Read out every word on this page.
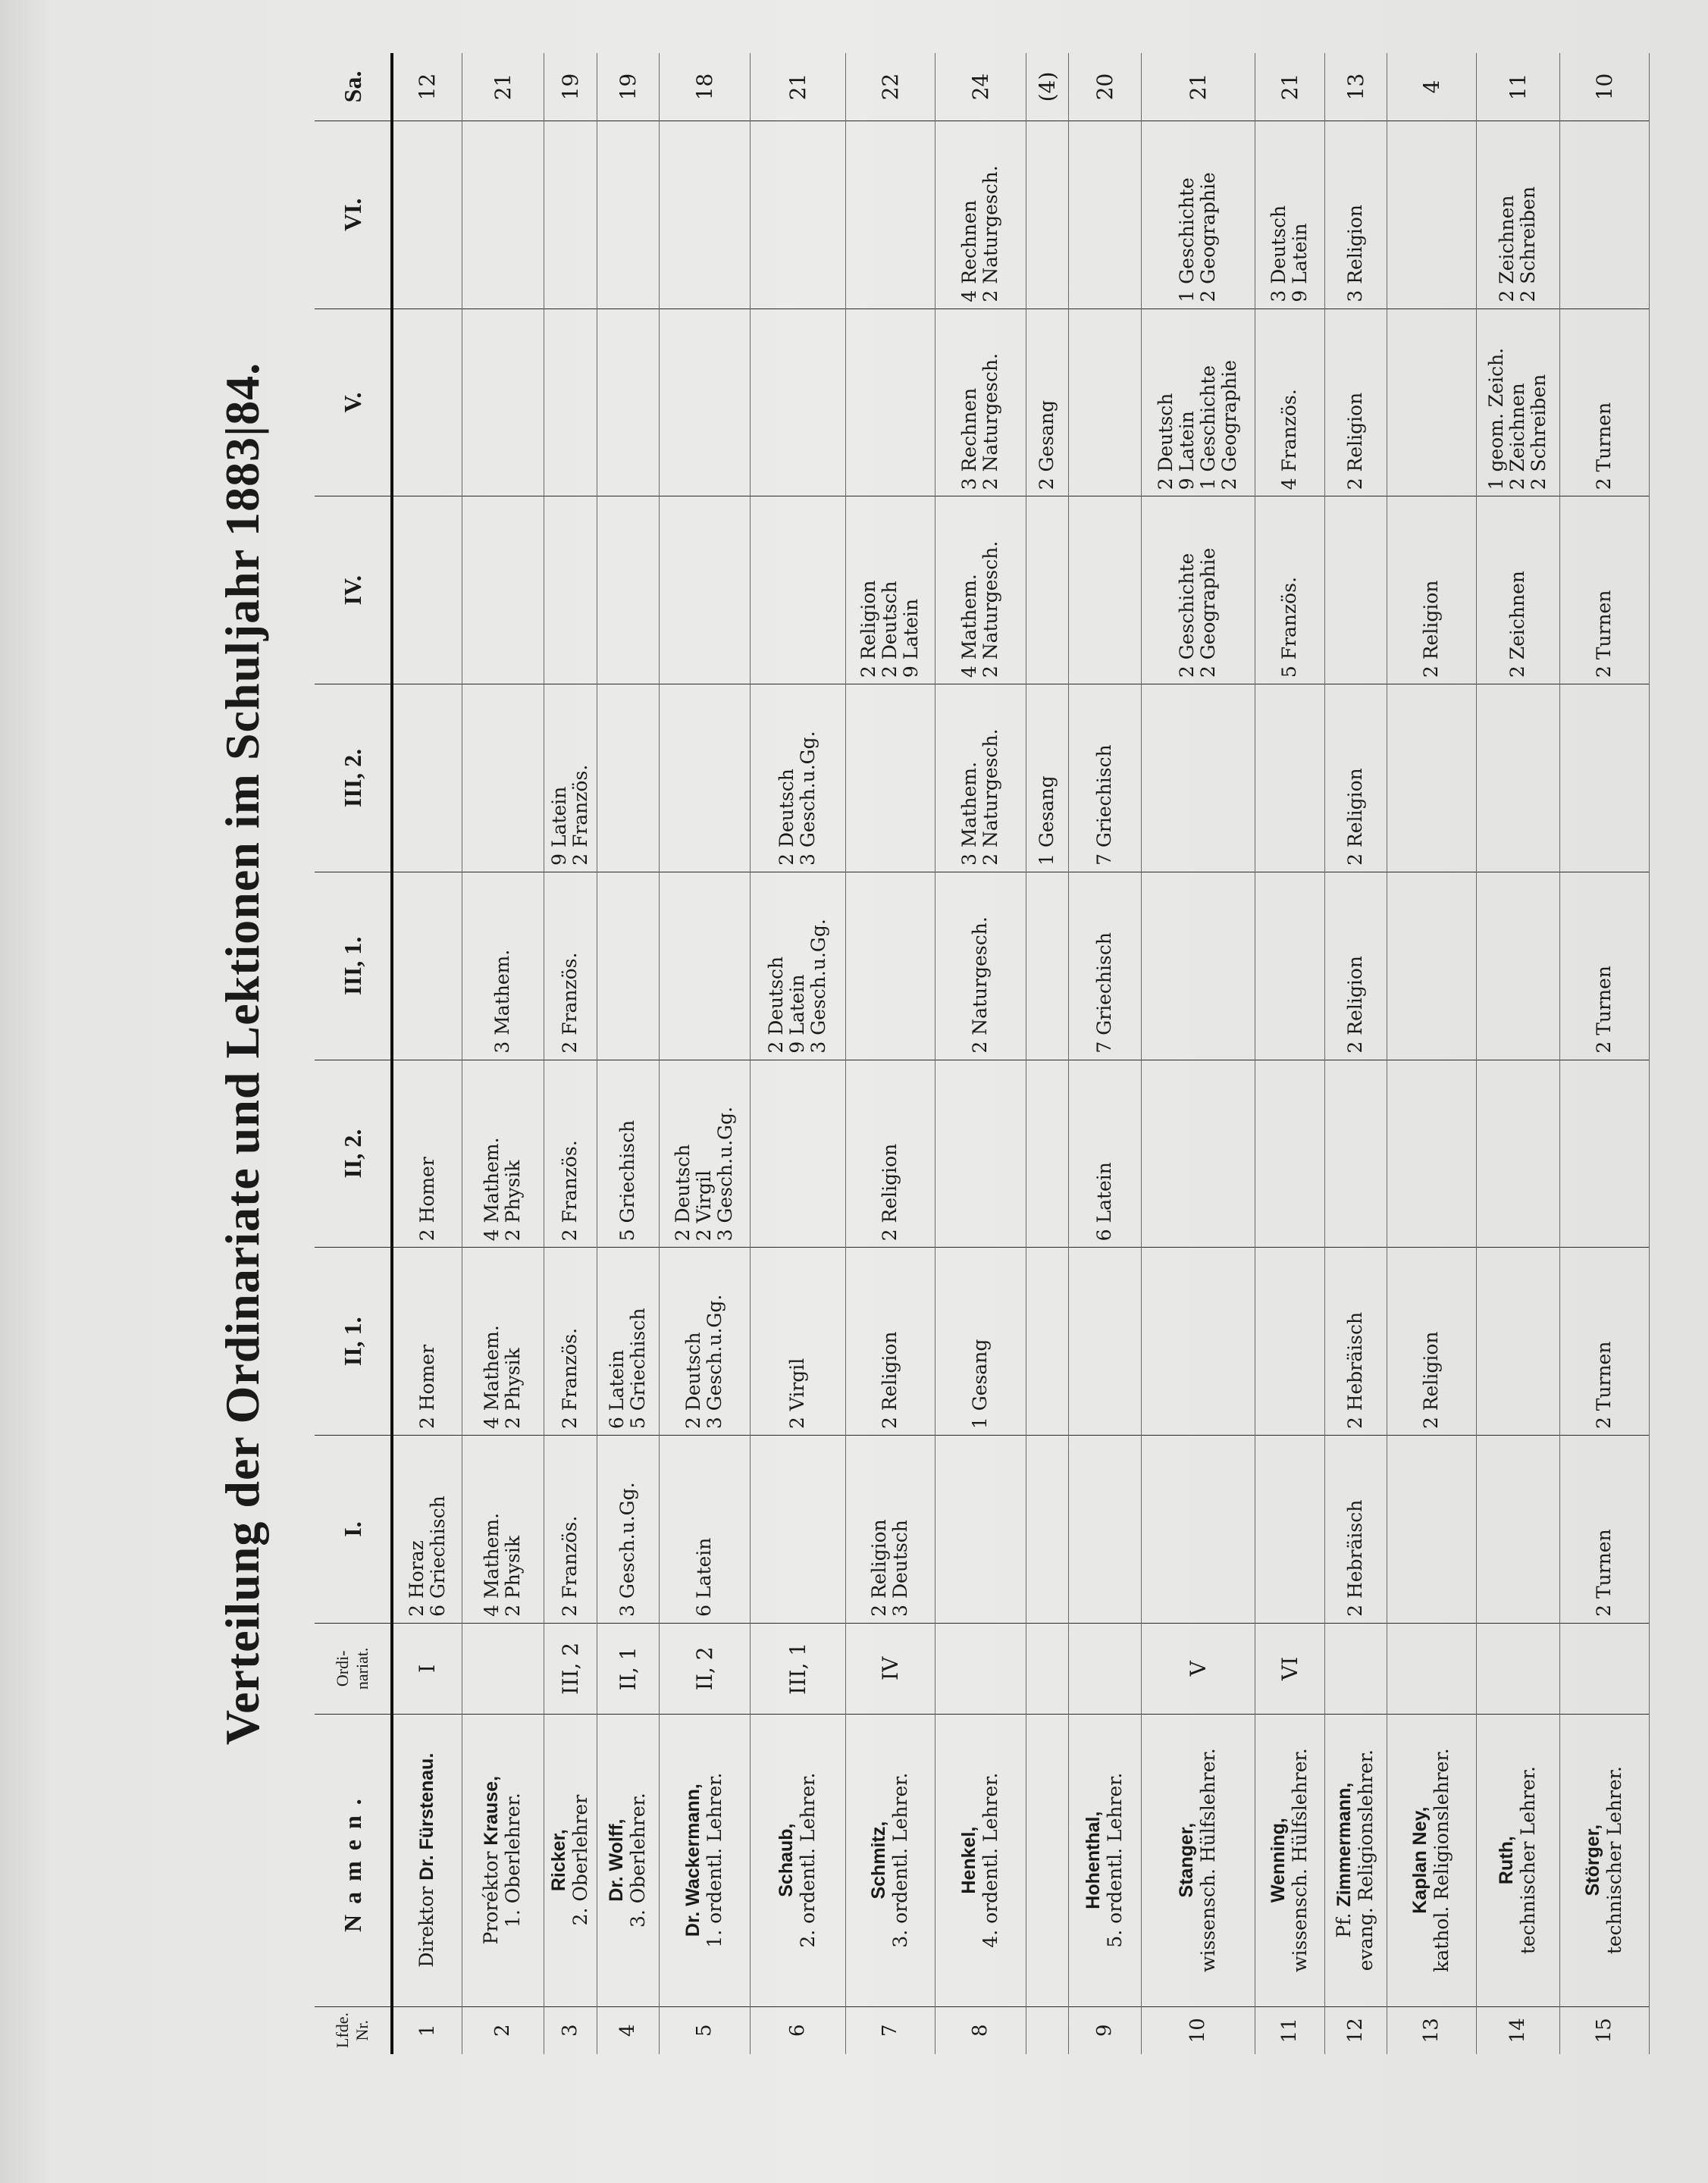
Verteilung der Ordinariate und Lektionen im Schuljahr 1883|84.
Lfde. Nr.	Namen.	Ordi-nariat.	I.	II, 1.	II, 2.	III, 1.	III, 2.	IV.	V.	VI.	Sa.
1	Direktor Dr. Fürstenau.	I	2 Horaz 6 Griechisch	2 Homer	2 Homer						12
2	Proréktor Krause, 1. Oberlehrer.		4 Mathem. 2 Physik	4 Mathem. 2 Physik	4 Mathem. 2 Physik	3 Mathem.					21
3	Ricker, 2. Oberlehrer	III, 2	2 Französ.	2 Französ.	2 Französ.	2 Französ.	9 Latein 2 Französ.				19
4	Dr. Wolff, 3. Oberlehrer.	II, 1	3 Gesch.u.Gg.	6 Latein 5 Griechisch	5 Griechisch						19
5	Dr. Wackermann, 1. ordentl. Lehrer.	II, 2	6 Latein	2 Deutsch 3 Gesch.u.Gg.	2 Deutsch 2 Virgil 3 Gesch.u.Gg.						18
6	Schaub, 2. ordentl. Lehrer.	III, 1		2 Virgil		2 Deutsch 9 Latein 3 Gesch.u.Gg.	2 Deutsch 3 Gesch.u.Gg.				21
7	Schmitz, 3. ordentl. Lehrer.	IV	2 Religion 3 Deutsch	2 Religion	2 Religion			2 Religion 2 Deutsch 9 Latein			22
8	Henkel, 4. ordentl. Lehrer.			1 Gesang		2 Naturgesch.	3 Mathem. 2 Naturgesch.	4 Mathem. 2 Naturgesch.	3 Rechnen 2 Naturgesch.	4 Rechnen 2 Naturgesch.	24

							1 Gesang		2 Gesang		(4)
9	Hohenthal, 5. ordentl. Lehrer.				6 Latein	7 Griechisch	7 Griechisch				20
10	Stanger, wissensch. Hülfslehrer.	V						2 Geschichte 2 Geographie	2 Deutsch 9 Latein 1 Geschichte 2 Geographie	1 Geschichte 2 Geographie	21
11	Wenning, wissensch. Hülfslehrer.	VI						5 Französ.	4 Französ.	3 Deutsch 9 Latein	21
12	Pf. Zimmermann, evang. Religionslehrer.		2 Hebräisch	2 Hebräisch		2 Religion	2 Religion		2 Religion	3 Religion	13
13	Kaplan Ney, kathol. Religionslehrer.			2 Religion				2 Religion			4
14	Ruth, technischer Lehrer.							2 Zeichnen	1 geom. Zeich. 2 Zeichnen 2 Schreiben	2 Zeichnen 2 Schreiben	11
15	Störger, technischer Lehrer.		2 Turnen	2 Turnen		2 Turnen		2 Turnen	2 Turnen		10
